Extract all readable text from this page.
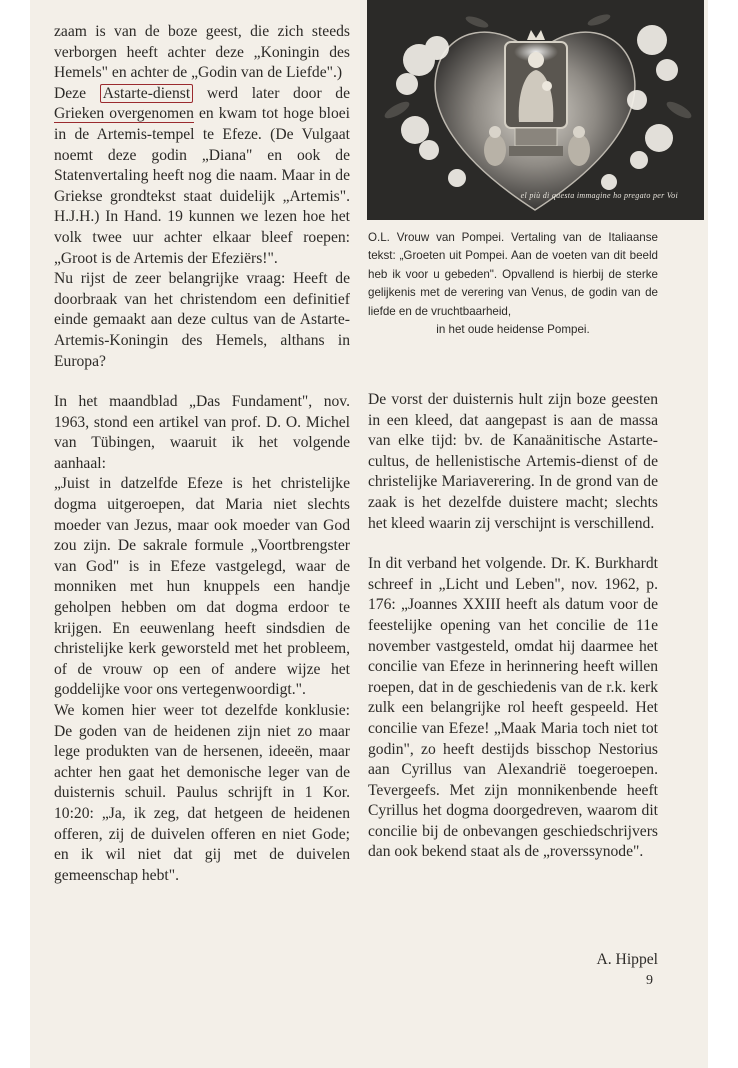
el più di questa immagine ho pregato per Voi
O.L. Vrouw van Pompei. Vertaling van de Italiaanse tekst: „Groeten uit Pompei. Aan de voeten van dit beeld heb ik voor u gebeden". Opvallend is hierbij de sterke gelijkenis met de verering van Venus, de godin van de liefde en de vruchtbaarheid,
in het oude heidense Pompei.

zaam is van de boze geest, die zich steeds verborgen heeft achter deze „Koningin des Hemels" en achter de „Godin van de Liefde".)
Deze Astarte-dienst werd later door de Grieken overgenomen en kwam tot hoge bloei in de Artemis-tempel te Efeze. (De Vulgaat noemt deze godin „Diana" en ook de Statenvertaling heeft nog die naam. Maar in de Griekse grondtekst staat duidelijk „Artemis". H.J.H.) In Hand. 19 kunnen we lezen hoe het volk twee uur achter elkaar bleef roepen: „Groot is de Artemis der Efeziërs!".

Nu rijst de zeer belangrijke vraag: Heeft de doorbraak van het christendom een definitief einde gemaakt aan deze cultus van de Astarte-Artemis-Koningin des Hemels, althans in Europa?

In het maandblad „Das Fundament", nov. 1963, stond een artikel van prof. D. O. Michel van Tübingen, waaruit ik het volgende aanhaal:

„Juist in datzelfde Efeze is het christelijke dogma uitgeroepen, dat Maria niet slechts moeder van Jezus, maar ook moeder van God zou zijn. De sakrale formule „Voortbrengster van God" is in Efeze vastgelegd, waar de monniken met hun knuppels een handje geholpen hebben om dat dogma erdoor te krijgen. En eeuwenlang heeft sindsdien de christelijke kerk geworsteld met het probleem, of de vrouw op een of andere wijze het goddelijke voor ons vertegenwoordigt.".

We komen hier weer tot dezelfde konklusie: De goden van de heidenen zijn niet zo maar lege produkten van de hersenen, ideeën, maar achter hen gaat het demonische leger van de duisternis schuil. Paulus schrijft in 1 Kor. 10:20: „Ja, ik zeg, dat hetgeen de heidenen offeren, zij de duivelen offeren en niet Gode; en ik wil niet dat gij met de duivelen gemeenschap hebt".

De vorst der duisternis hult zijn boze geesten in een kleed, dat aangepast is aan de massa van elke tijd: bv. de Kanaänitische Astarte-cultus, de hellenistische Artemis-dienst of de christelijke Mariaverering. In de grond van de zaak is het dezelfde duistere macht; slechts het kleed waarin zij verschijnt is verschillend.

In dit verband het volgende. Dr. K. Burkhardt schreef in „Licht und Leben", nov. 1962, p. 176: „Joannes XXIII heeft als datum voor de feestelijke opening van het concilie de 11e november vastgesteld, omdat hij daarmee het concilie van Efeze in herinnering heeft willen roepen, dat in de geschiedenis van de r.k. kerk zulk een belangrijke rol heeft gespeeld. Het concilie van Efeze! „Maak Maria toch niet tot godin", zo heeft destijds bisschop Nestorius aan Cyrillus van Alexandrië toegeroepen. Tevergeefs. Met zijn monnikenbende heeft Cyrillus het dogma doorgedreven, waarom dit concilie bij de onbevangen geschiedschrijvers dan ook bekend staat als de „roverssynode".

A. Hippel
9
